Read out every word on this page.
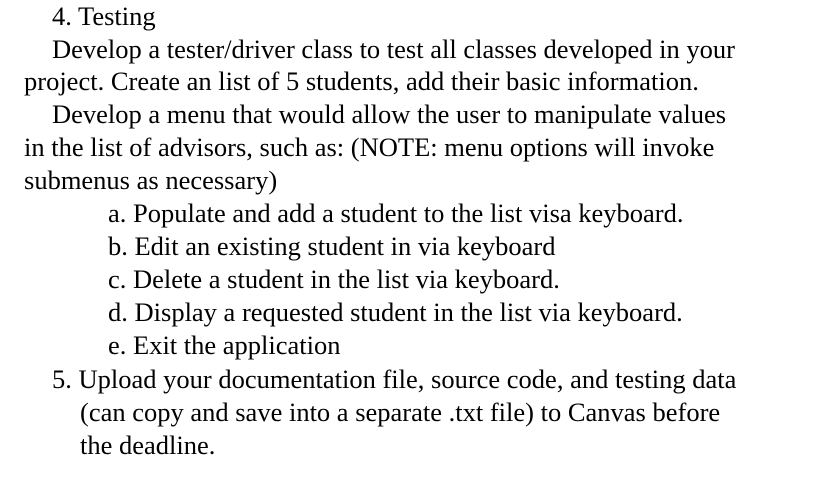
4. Testing
Develop a tester/driver class to test all classes developed in your
project. Create an list of 5 students, add their basic information.
Develop a menu that would allow the user to manipulate values
in the list of advisors, such as: (NOTE: menu options will invoke
submenus as necessary)
a. Populate and add a student to the list visa keyboard.
b. Edit an existing student in via keyboard
c. Delete a student in the list via keyboard.
d. Display a requested student in the list via keyboard.
e. Exit the application
5. Upload your documentation file, source code, and testing data
(can copy and save into a separate .txt file) to Canvas before
the deadline.
